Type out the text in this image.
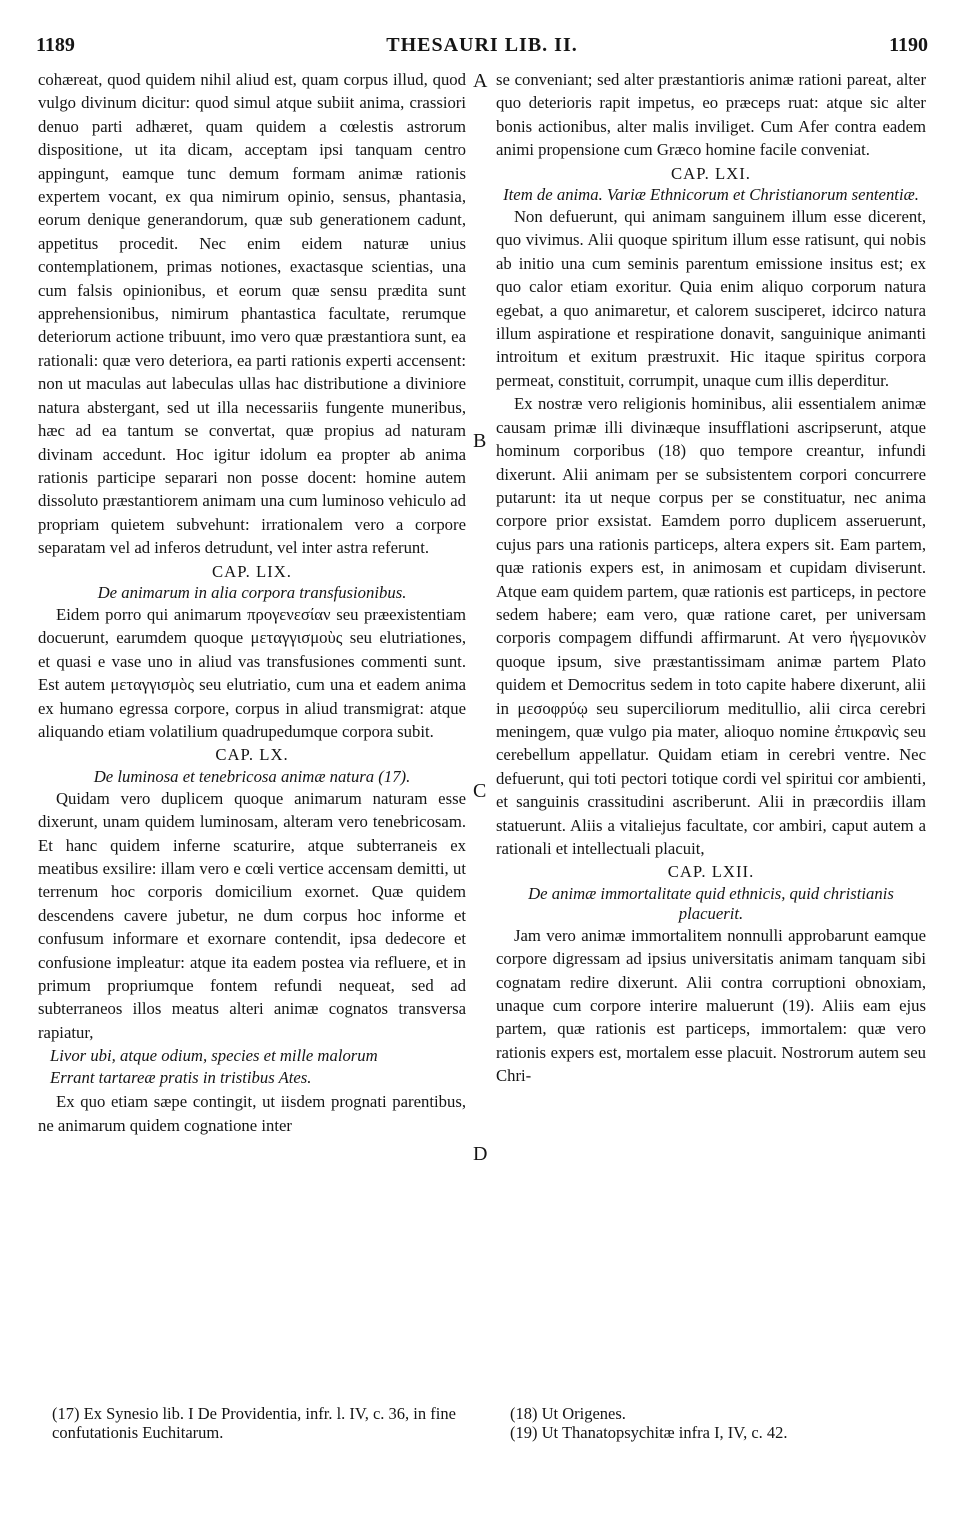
1189	THESAURI LIB. II.	1190
A
B
C
D

cohæreat, quod quidem nihil aliud est, quam corpus illud, quod vulgo divinum dicitur: quod simul atque subiit anima, crassiori denuo parti adhæret, quam quidem a cœlestis astrorum dispositione, ut ita dicam, acceptam ipsi tanquam centro appingunt, eamque tunc demum formam animæ rationis expertem vocant, ex qua nimirum opinio, sensus, phantasia, eorum denique generandorum, quæ sub generationem cadunt, appetitus procedit. Nec enim eidem naturæ unius contemplationem, primas notiones, exactasque scientias, una cum falsis opinionibus, et eorum quæ sensu prædita sunt apprehensionibus, nimirum phantastica facultate, rerumque deteriorum actione tribuunt, imo vero quæ præstantiora sunt, ea rationali: quæ vero deteriora, ea parti rationis experti accensent: non ut maculas aut labeculas ullas hac distributione a diviniore natura abstergant, sed ut illa necessariis fungente muneribus, hæc ad ea tantum se convertat, quæ propius ad naturam divinam accedunt. Hoc igitur idolum ea propter ab anima rationis participe separari non posse docent: homine autem dissoluto præstantiorem animam una cum luminoso vehiculo ad propriam quietem subvehunt: irrationalem vero a corpore separatam vel ad inferos detrudunt, vel inter astra referunt.

CAP. LIX.
De animarum in alia corpora transfusionibus.

Eidem porro qui animarum προγενεσίαν seu præexistentiam docuerunt, earumdem quoque μεταγγισμοὺς seu elutriationes, et quasi e vase uno in aliud vas transfusiones commenti sunt. Est autem μεταγγισμὸς seu elutriatio, cum una et eadem anima ex humano egressa corpore, corpus in aliud transmigrat: atque aliquando etiam volatilium quadrupedumque corpora subit.

CAP. LX.
De luminosa et tenebricosa animæ natura (17).

Quidam vero duplicem quoque animarum naturam esse dixerunt, unam quidem luminosam, alteram vero tenebricosam. Et hanc quidem inferne scaturire, atque subterraneis ex meatibus exsilire: illam vero e cœli vertice accensam demitti, ut terrenum hoc corporis domicilium exornet. Quæ quidem descendens cavere jubetur, ne dum corpus hoc informe et confusum informare et exornare contendit, ipsa dedecore et confusione impleatur: atque ita eadem postea via refluere, et in primum propriumque fontem refundi nequeat, sed ad subterraneos illos meatus alteri animæ cognatos transversa rapiatur,

Livor ubi, atque odium, species et mille malorum
Errant tartareæ pratis in tristibus Ates.

Ex quo etiam sæpe contingit, ut iisdem prognati parentibus, ne animarum quidem cognatione inter

se conveniant; sed alter præstantioris animæ rationi pareat, alter quo deterioris rapit impetus, eo præceps ruat: atque sic alter bonis actionibus, alter malis inviliget. Cum Afer contra eadem animi propensione cum Græco homine facile conveniat.

CAP. LXI.
Item de anima. Variæ Ethnicorum et Christianorum sententiæ.

Non defuerunt, qui animam sanguinem illum esse dicerent, quo vivimus. Alii quoque spiritum illum esse ratisunt, qui nobis ab initio una cum seminis parentum emissione insitus est; ex quo calor etiam exoritur. Quia enim aliquo corporum natura egebat, a quo animaretur, et calorem susciperet, idcirco natura illum aspiratione et respiratione donavit, sanguinique animanti introitum et exitum præstruxit. Hic itaque spiritus corpora permeat, constituit, corrumpit, unaque cum illis deperditur.

Ex nostræ vero religionis hominibus, alii essentialem animæ causam primæ illi divinæque insufflationi ascripserunt, atque hominum corporibus (18) quo tempore creantur, infundi dixerunt. Alii animam per se subsistentem corpori concurrere putarunt: ita ut neque corpus per se constituatur, nec anima corpore prior exsistat. Eamdem porro duplicem asseruerunt, cujus pars una rationis particeps, altera expers sit. Eam partem, quæ rationis expers est, in animosam et cupidam diviserunt. Atque eam quidem partem, quæ rationis est particeps, in pectore sedem habere; eam vero, quæ ratione caret, per universam corporis compagem diffundi affirmarunt. At vero ἡγεμονικὸν quoque ipsum, sive præstantissimam animæ partem Plato quidem et Democritus sedem in toto capite habere dixerunt, alii in μεσοφρύῳ seu superciliorum meditullio, alii circa cerebri meningem, quæ vulgo pia mater, alioquo nomine ἐπικρανὶς seu cerebellum appellatur. Quidam etiam in cerebri ventre. Nec defuerunt, qui toti pectori totique cordi vel spiritui cor ambienti, et sanguinis crassitudini ascriberunt. Alii in præcordiis illam statuerunt. Aliis a vitaliejus facultate, cor ambiri, caput autem a rationali et intellectuali placuit,

CAP. LXII.
De animæ immortalitate quid ethnicis, quid christianis placuerit.

Jam vero animæ immortalitem nonnulli approbarunt eamque corpore digressam ad ipsius universitatis animam tanquam sibi cognatam redire dixerunt. Alii contra corruptioni obnoxiam, unaque cum corpore interire maluerunt (19). Aliis eam ejus partem, quæ rationis est particeps, immortalem: quæ vero rationis expers est, mortalem esse placuit. Nostrorum autem seu Chri-

(17) Ex Synesio lib. I De Providentia, infr. l. IV, c. 36, in fine confutationis Euchitarum.
(18) Ut Origenes.
(19) Ut Thanatopsychitæ infra I, IV, c. 42.
